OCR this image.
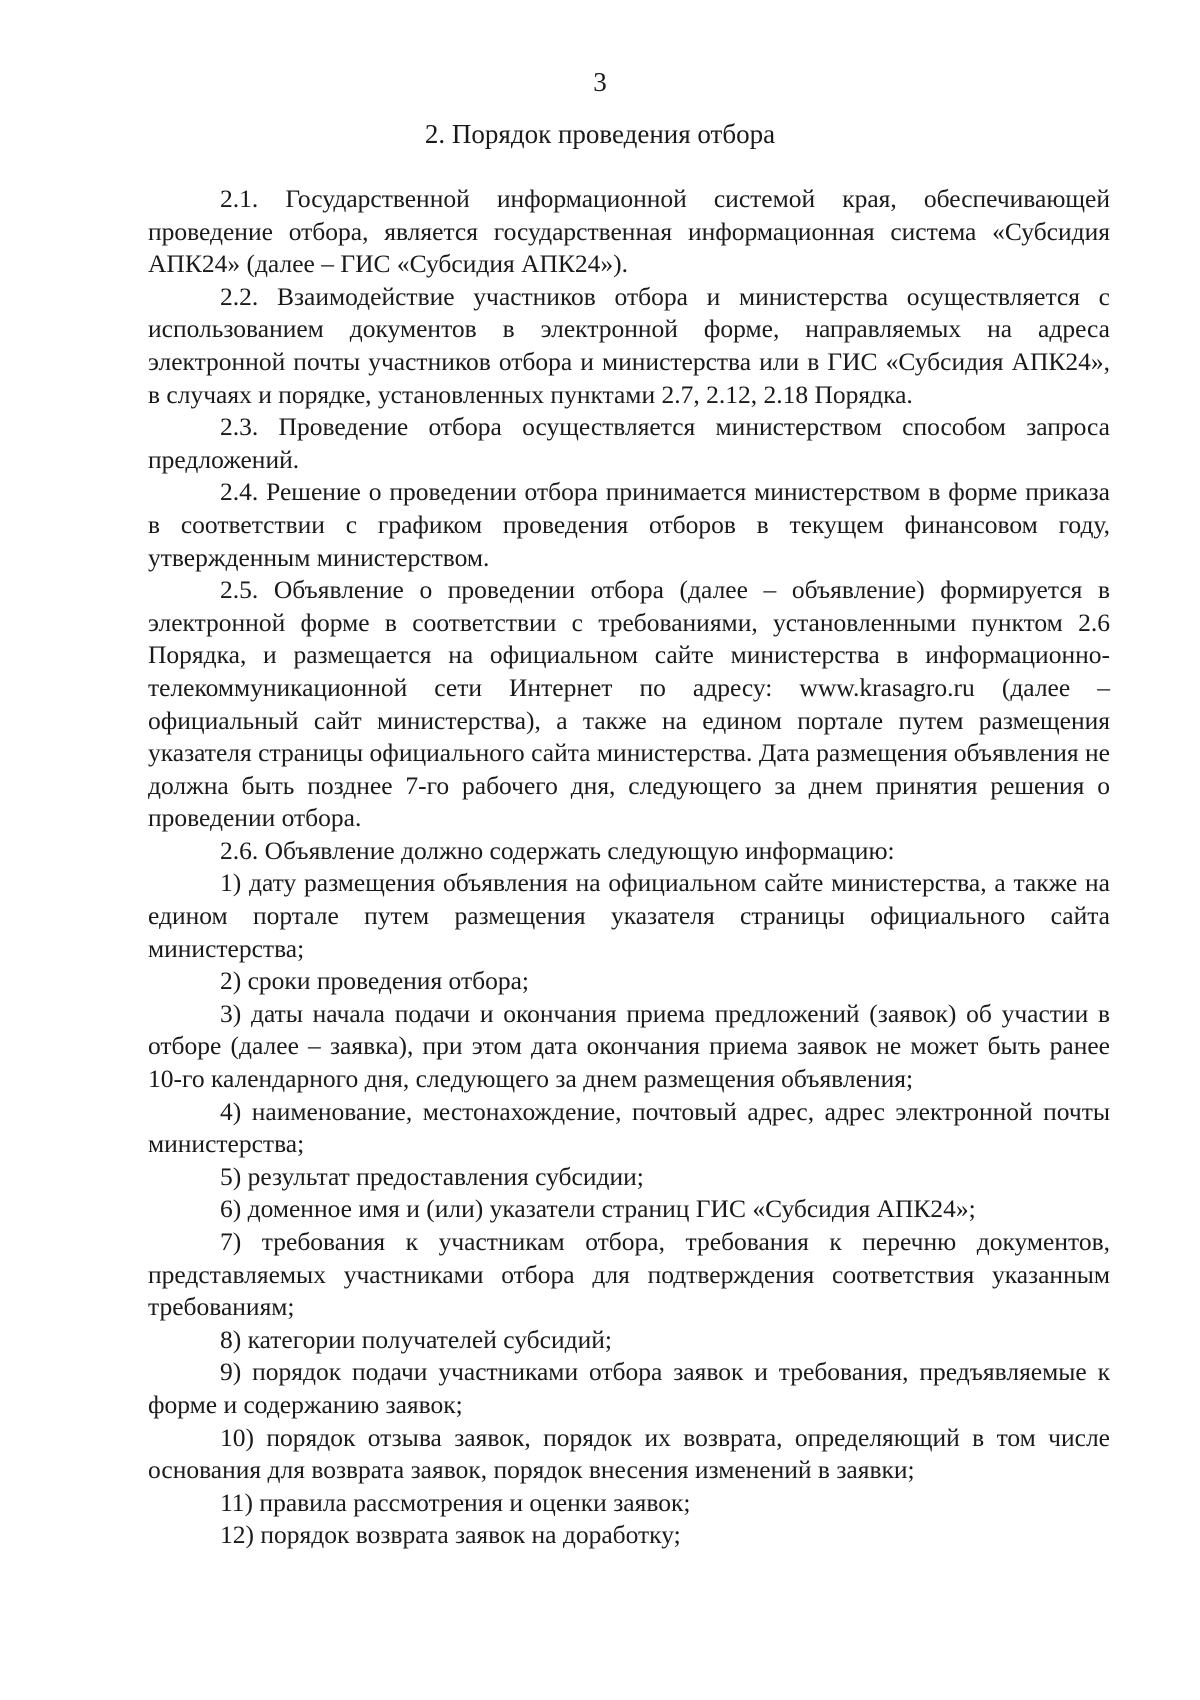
3
2. Порядок проведения отбора

2.1. Государственной информационной системой края, обеспечивающей проведение отбора, является государственная информационная система «Субсидия АПК24» (далее – ГИС «Субсидия АПК24»).

2.2. Взаимодействие участников отбора и министерства осуществляется с использованием документов в электронной форме, направляемых на адреса электронной почты участников отбора и министерства или в ГИС «Субсидия АПК24», в случаях и порядке, установленных пунктами 2.7, 2.12, 2.18 Порядка.

2.3. Проведение отбора осуществляется министерством способом запроса предложений.

2.4. Решение о проведении отбора принимается министерством в форме приказа в соответствии с графиком проведения отборов в текущем финансовом году, утвержденным министерством.

2.5. Объявление о проведении отбора (далее – объявление) формируется в электронной форме в соответствии с требованиями, установленными пунктом 2.6 Порядка, и размещается на официальном сайте министерства в информационно-телекоммуникационной сети Интернет по адресу: www.krasagro.ru (далее – официальный сайт министерства), а также на едином портале путем размещения указателя страницы официального сайта министерства. Дата размещения объявления не должна быть позднее 7-го рабочего дня, следующего за днем принятия решения о проведении отбора.

2.6. Объявление должно содержать следующую информацию:

1) дату размещения объявления на официальном сайте министерства, а также на едином портале путем размещения указателя страницы официального сайта министерства;

2) сроки проведения отбора;

3) даты начала подачи и окончания приема предложений (заявок) об участии в отборе (далее – заявка), при этом дата окончания приема заявок не может быть ранее 10-го календарного дня, следующего за днем размещения объявления;

4) наименование, местонахождение, почтовый адрес, адрес электронной почты министерства;

5) результат предоставления субсидии;

6) доменное имя и (или) указатели страниц ГИС «Субсидия АПК24»;

7) требования к участникам отбора, требования к перечню документов, представляемых участниками отбора для подтверждения соответствия указанным требованиям;

8) категории получателей субсидий;

9) порядок подачи участниками отбора заявок и требования, предъявляемые к форме и содержанию заявок;

10) порядок отзыва заявок, порядок их возврата, определяющий в том числе основания для возврата заявок, порядок внесения изменений в заявки;

11) правила рассмотрения и оценки заявок;

12) порядок возврата заявок на доработку;
